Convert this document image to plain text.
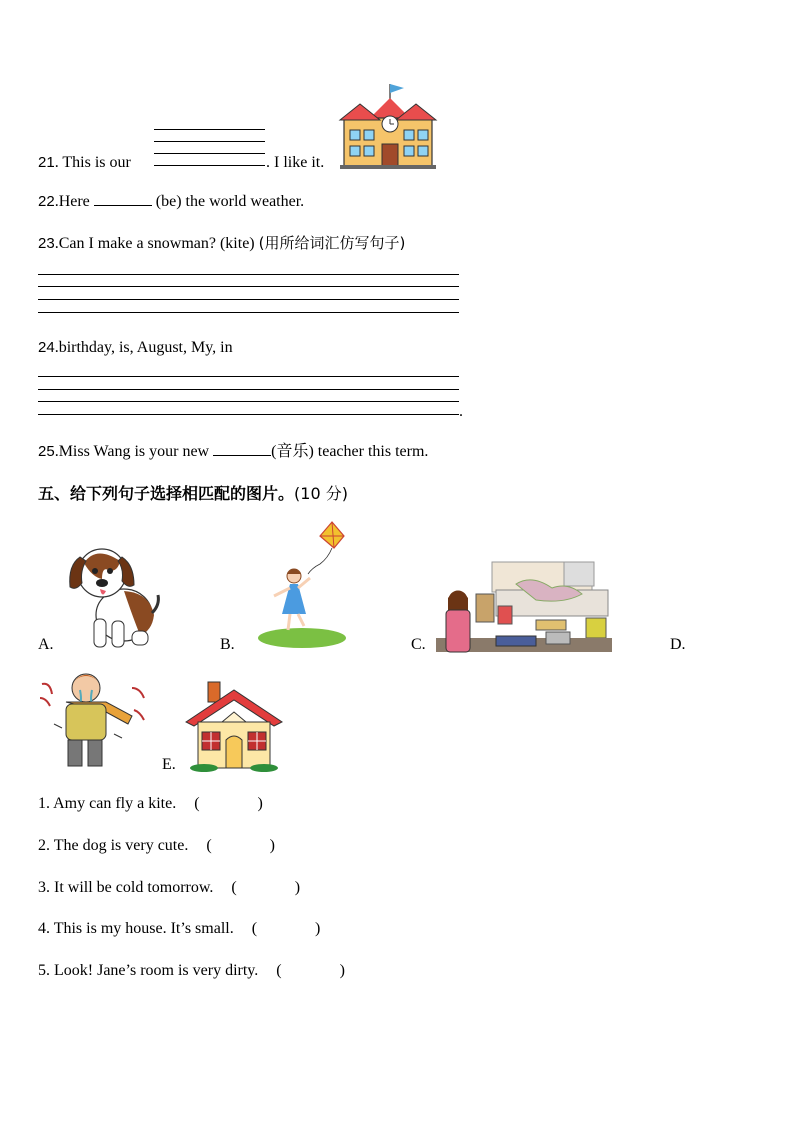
21. This is our	. I like it.
22.Here	(be) the world weather.
23.Can I make a snowman? (kite) (用所给词汇仿写句子)
24.birthday, is, August, My, in
.
25.Miss Wang is your new	(音乐) teacher this term.
五、给下列句子选择相匹配的图片。(10 分)
A.	B.	C.	D.
E.
1. Amy can fly a kite. (	)
2. The dog is very cute. (	)
3. It will be cold tomorrow. (	)
4. This is my house. It’s small. (	)
5. Look! Jane’s room is very dirty. (	)
